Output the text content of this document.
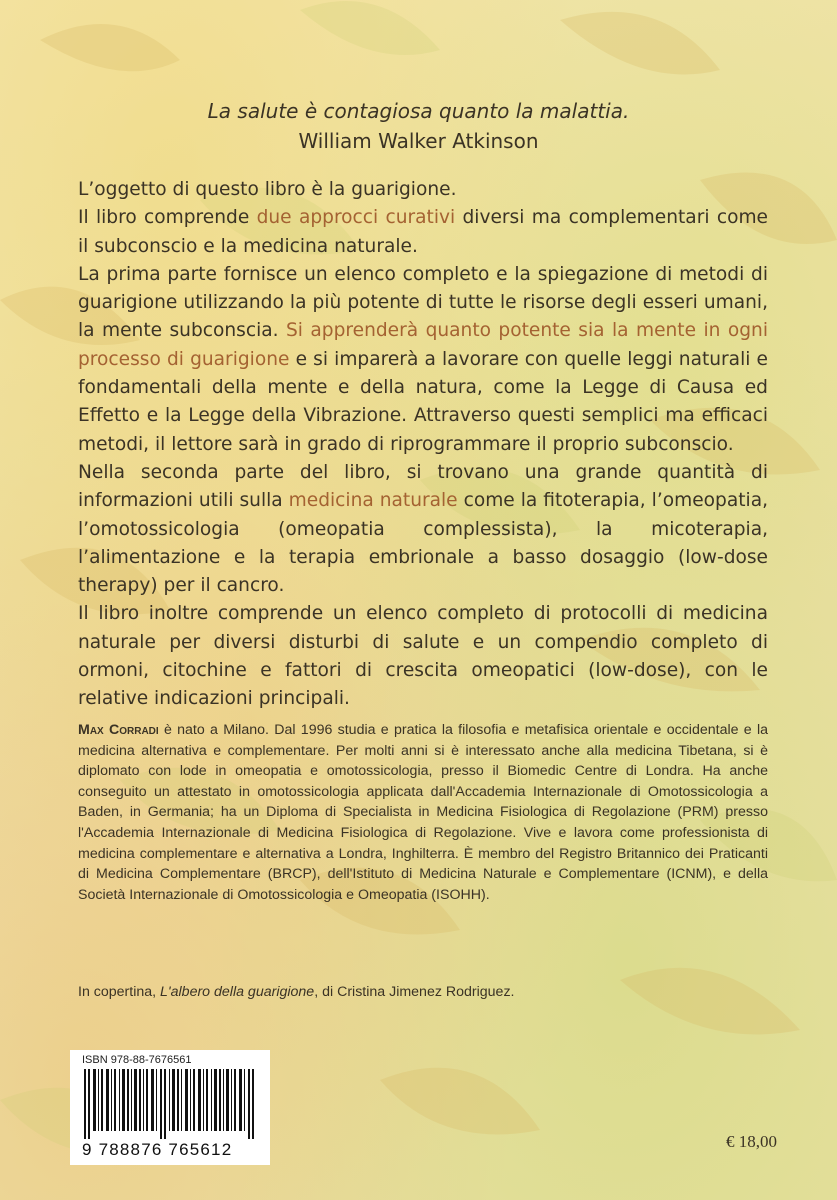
La salute è contagiosa quanto la malattia.
William Walker Atkinson

L’oggetto di questo libro è la guarigione.

Il libro comprende due approcci curativi diversi ma complementari come il subconscio e la medicina naturale.

La prima parte fornisce un elenco completo e la spiegazione di metodi di guarigione utilizzando la più potente di tutte le risorse degli esseri umani, la mente subconscia. Si apprenderà quanto potente sia la mente in ogni processo di guarigione e si imparerà a lavorare con quelle leggi naturali e fondamentali della mente e della natura, come la Legge di Causa ed Effetto e la Legge della Vibrazione. Attraverso questi semplici ma efficaci metodi, il lettore sarà in grado di riprogrammare il proprio subconscio.

Nella seconda parte del libro, si trovano una grande quantità di informazioni utili sulla medicina naturale come la fitoterapia, l’omeopatia, l’omotossicologia (omeopatia complessista), la micoterapia, l’alimentazione e la terapia embrionale a basso dosaggio (low-dose therapy) per il cancro.

Il libro inoltre comprende un elenco completo di protocolli di medicina naturale per diversi disturbi di salute e un compendio completo di ormoni, citochine e fattori di crescita omeopatici (low-dose), con le relative indicazioni principali.

Max Corradi è nato a Milano. Dal 1996 studia e pratica la filosofia e metafisica orientale e occidentale e la medicina alternativa e complementare. Per molti anni si è interessato anche alla medicina Tibetana, si è diplomato con lode in omeopatia e omotossicologia, presso il Biomedic Centre di Londra. Ha anche conseguito un attestato in omotossicologia applicata dall'Accademia Internazionale di Omotossicologia a Baden, in Germania; ha un Diploma di Specialista in Medicina Fisiologica di Regolazione (PRM) presso l'Accademia Internazionale di Medicina Fisiologica di Regolazione. Vive e lavora come professionista di medicina complementare e alternativa a Londra, Inghilterra. È membro del Registro Britannico dei Praticanti di Medicina Complementare (BRCP), dell'Istituto di Medicina Naturale e Complementare (ICNM), e della Società Internazionale di Omotossicologia e Omeopatia (ISOHH).
In copertina, L'albero della guarigione, di Cristina Jimenez Rodriguez.
ISBN 978-88-7676561
9 788876 765612	€ 18,00
